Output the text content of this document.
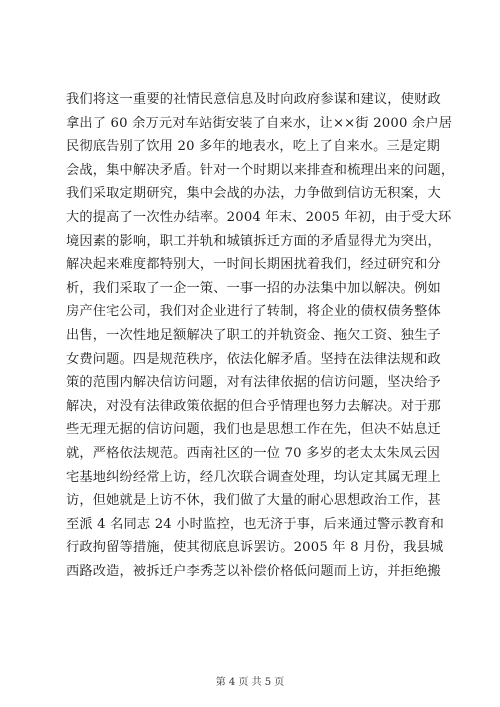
我们将这一重要的社情民意信息及时向政府参谋和建议，使财政
拿出了 60 余万元对车站街安装了自来水，让××街 2000 余户居
民彻底告别了饮用 20 多年的地表水，吃上了自来水。三是定期
会战，集中解决矛盾。针对一个时期以来排查和梳理出来的问题，
我们采取定期研究，集中会战的办法，力争做到信访无积案，大
大的提高了一次性办结率。2004 年末、2005 年初，由于受大环
境因素的影响，职工并轨和城镇拆迁方面的矛盾显得尤为突出，
解决起来难度都特别大，一时间长期困扰着我们，经过研究和分
析，我们采取了一企一策、一事一招的办法集中加以解决。例如
房产住宅公司，我们对企业进行了转制，将企业的债权债务整体
出售，一次性地足额解决了职工的并轨资金、拖欠工资、独生子
女费问题。四是规范秩序，依法化解矛盾。坚持在法律法规和政
策的范围内解决信访问题，对有法律依据的信访问题，坚决给予
解决，对没有法律政策依据的但合乎情理也努力去解决。对于那
些无理无据的信访问题，我们也是思想工作在先，但决不姑息迁
就，严格依法规范。西南社区的一位 70 多岁的老太太朱凤云因
宅基地纠纷经常上访，经几次联合调查处理，均认定其属无理上
访，但她就是上访不休，我们做了大量的耐心思想政治工作，甚
至派 4 名同志 24 小时监控，也无济于事，后来通过警示教育和
行政拘留等措施，使其彻底息诉罢访。2005 年 8 月份，我县城
西路改造，被拆迁户李秀芝以补偿价格低问题而上访，并拒绝搬
第 4 页 共 5 页
